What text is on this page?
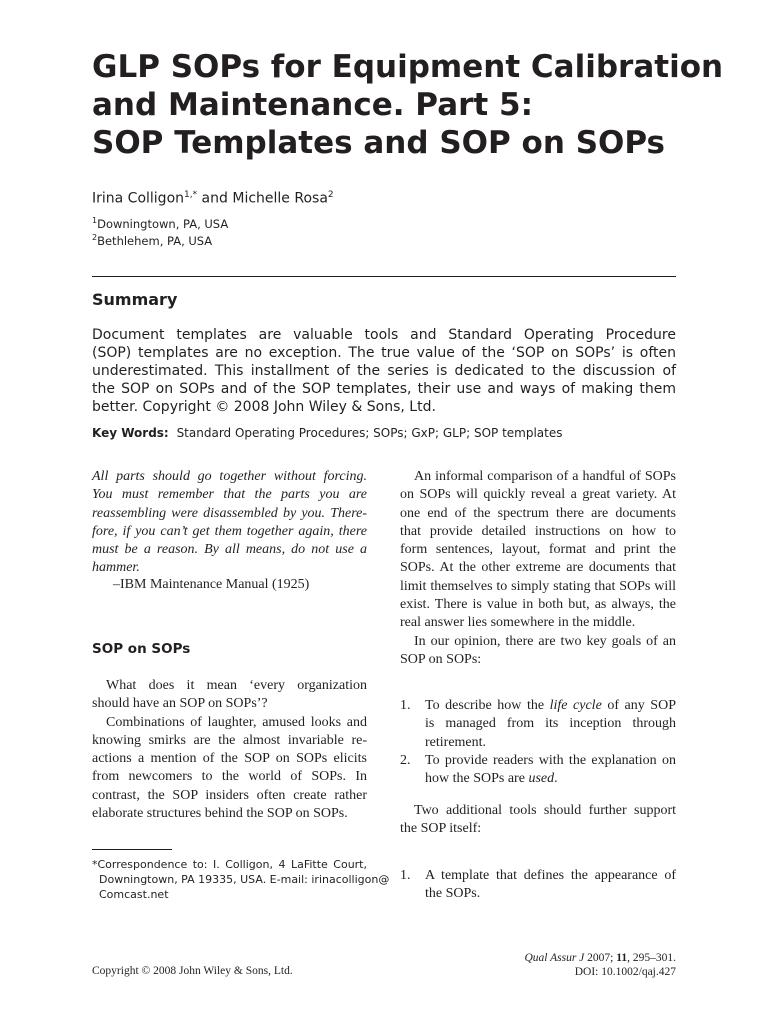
GLP SOPs for Equipment Calibration
and Maintenance. Part 5:
SOP Templates and SOP on SOPs
Irina Colligon$^{1,*}$ and Michelle Rosa$^2$
$^1$Downingtown, PA, USA
$^2$Bethlehem, PA, USA
Summary
Document templates are valuable tools and Standard Operating Procedure
(SOP) templates are no exception. The true value of the ‘SOP on SOPs’ is often
underestimated. This installment of the series is dedicated to the discussion of
the SOP on SOPs and of the SOP templates, their use and ways of making them
better. Copyright © 2008 John Wiley & Sons, Ltd.
Key Words: Standard Operating Procedures; SOPs; GxP; GLP; SOP templates
All parts should go together without forcing.
You must remember that the parts you are
reassembling were disassembled by you. There-
fore, if you can’t get them together again, there
must be a reason. By all means, do not use a
hammer.
–IBM Maintenance Manual (1925)
SOP on SOPs
What does it mean ‘every organization
should have an SOP on SOPs’?
Combinations of laughter, amused looks and
knowing smirks are the almost invariable re-
actions a mention of the SOP on SOPs elicits
from newcomers to the world of SOPs. In
contrast, the SOP insiders often create rather
elaborate structures behind the SOP on SOPs.
*Correspondence to: I. Colligon, 4 LaFitte Court,
Downingtown, PA 19335, USA. E-mail: irinacolligon@
Comcast.net
An informal comparison of a handful of SOPs
on SOPs will quickly reveal a great variety. At
one end of the spectrum there are documents
that provide detailed instructions on how to
form sentences, layout, format and print the
SOPs. At the other extreme are documents that
limit themselves to simply stating that SOPs will
exist. There is value in both but, as always, the
real answer lies somewhere in the middle.
In our opinion, there are two key goals of an
SOP on SOPs:
1. To describe how the life cycle of any SOP
is managed from its inception through
retirement.
2. To provide readers with the explanation on
how the SOPs are used.
Two additional tools should further support
the SOP itself:
1. A template that defines the appearance of
the SOPs.
Qual Assur J 2007; 11, 295–301.
DOI: 10.1002/qaj.427
Copyright © 2008 John Wiley & Sons, Ltd.
